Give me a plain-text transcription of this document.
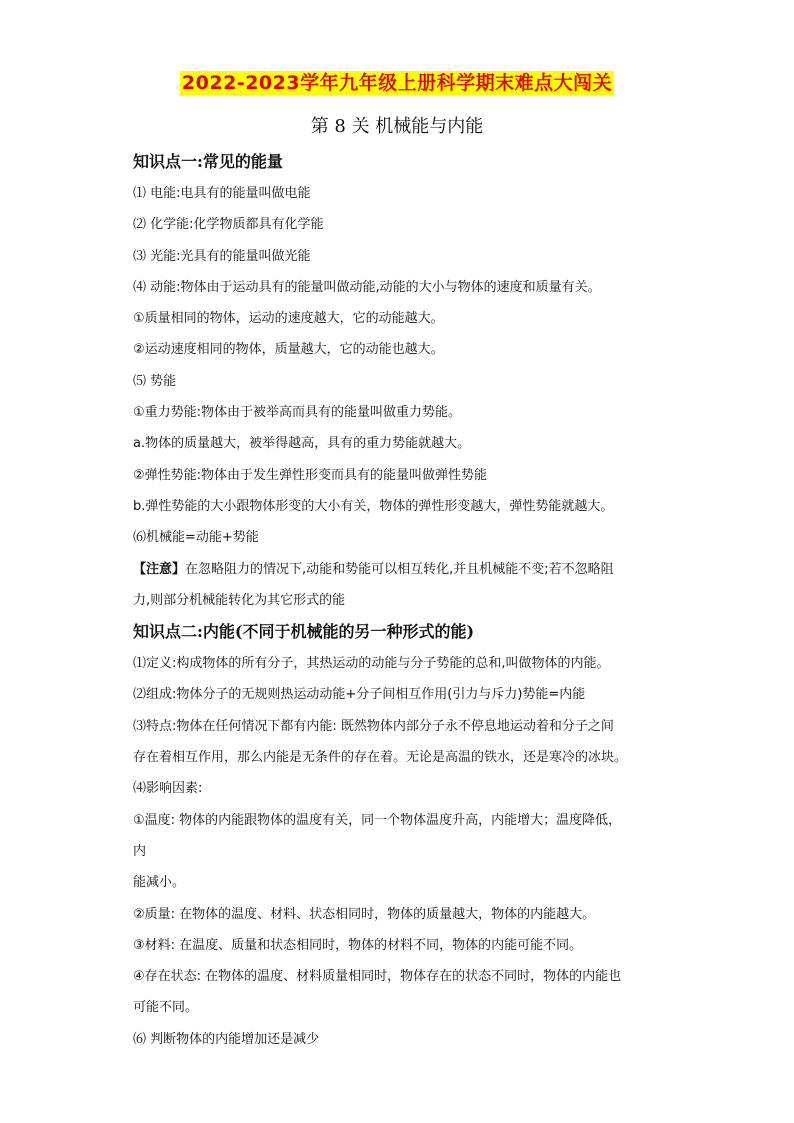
2022-2023学年九年级上册科学期末难点大闯关
第 8 关 机械能与内能
知识点一:常见的能量
⑴ 电能:电具有的能量叫做电能
⑵ 化学能:化学物质都具有化学能
⑶ 光能:光具有的能量叫做光能
⑷ 动能:物体由于运动具有的能量叫做动能,动能的大小与物体的速度和质量有关。
①质量相同的物体，运动的速度越大，它的动能越大。
②运动速度相同的物体，质量越大，它的动能也越大。
⑸ 势能
①重力势能:物体由于被举高而具有的能量叫做重力势能。
a.物体的质量越大，被举得越高，具有的重力势能就越大。
②弹性势能:物体由于发生弹性形变而具有的能量叫做弹性势能
b.弹性势能的大小跟物体形变的大小有关，物体的弹性形变越大，弹性势能就越大。
⑹机械能=动能+势能
【注意】在忽略阻力的情况下,动能和势能可以相互转化,并且机械能不变;若不忽略阻
力,则部分机械能转化为其它形式的能
知识点二:内能(不同于机械能的另一种形式的能)
⑴定义:构成物体的所有分子，其热运动的动能与分子势能的总和,叫做物体的内能。
⑵组成:物体分子的无规则热运动动能+分子间相互作用(引力与斥力)势能=内能
⑶特点:物体在任何情况下都有内能: 既然物体内部分子永不停息地运动着和分子之间
存在着相互作用，那么内能是无条件的存在着。无论是高温的铁水，还是寒冷的冰块。
⑷影响因素:
①温度: 物体的内能跟物体的温度有关，同一个物体温度升高，内能增大；温度降低，
内
能减小。
②质量: 在物体的温度、材料、状态相同时，物体的质量越大，物体的内能越大。
③材料: 在温度、质量和状态相同时，物体的材料不同，物体的内能可能不同。
④存在状态: 在物体的温度、材料质量相同时，物体存在的状态不同时，物体的内能也
可能不同。
⑹ 判断物体的内能增加还是减少
